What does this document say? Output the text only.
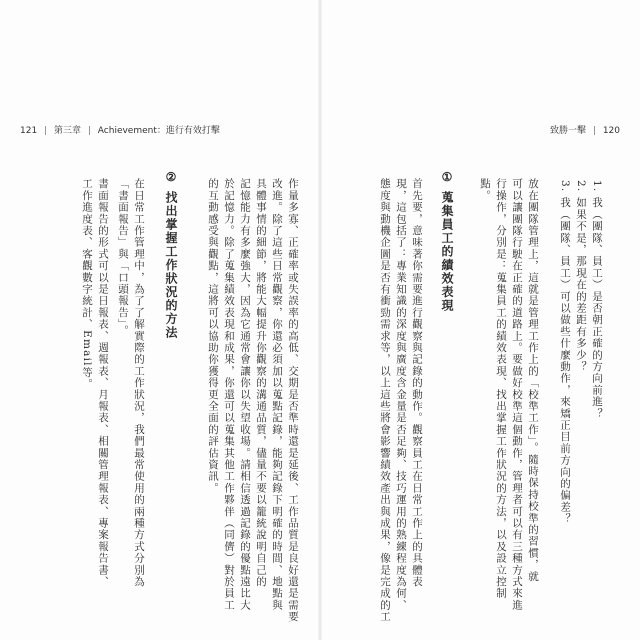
121 | 第三章 | Achievement：進行有效打擊	致勝一擊 | 120
1. 我（團隊、員工）是否朝正確的方向前進？
2. 如果不是，那現在的差距有多少？
3. 我（團隊、員工）可以做些什麼動作，來矯正目前方向的偏差？
放在團隊管理上，這就是管理工作上的「校準工作」。隨時保持校準的習慣，就
可以讓團隊行駛在正確的道路上。要做好校準這個動作，管理者可以有三種方式來進
行操作，分別是：蒐集員工的績效表現、找出掌握工作狀況的方法，以及設立控制
點。
① 蒐集員工的績效表現
首先要，意味著你需要進行觀察與記錄的動作。觀察員工在日常工作上的具體表
現，這包括了：專業知識的深度與廣度含金量是否足夠、技巧運用的熟練程度為何、
態度與動機企圖是否有衝勁需求等，以上這些將會影響績效產出與成果，像是完成的工
作量多寡、正確率或失誤率的高低、交期是否準時還是延後、工作品質是良好還是需要
改進。除了這些日常觀察，你還必須加以蒐點記錄，能夠記錄下明確的時間、地點與
具體事情的細節，將能大幅提升你觀察的溝通品質，儘量不要以籠統說明自己的
記憶能力有多麼強大，因為它通常會讓你以失望收場。請相信透過記錄的優點遠比大
於記憶力。除了蒐集績效表現和成果，你還可以蒐集其他工作夥伴（同儕）對於員工
的互動感受與觀點，這將可以協助你獲得更全面的評估資訊。
② 找出掌握工作狀況的方法
在日常工作管理中，為了了解實際的工作狀況，我們最常使用的兩種方式分別為
「書面報告」與「口頭報告」。
書面報告的形式可以是日報表、週報表、月報表、相關管理報表、專案報告書、
工作進度表、客觀數字統計、Email等。
